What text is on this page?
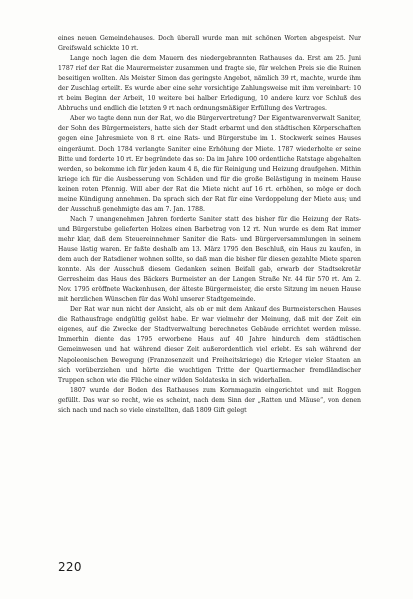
eines neuen Gemeindehauses. Doch überall wurde man mit schönen Worten abgespeist. Nur Greifswald schickte 10 rt.

Lange noch lagen die dem Mauern des niedergebrannten Rathauses da. Erst am 25. Juni 1787 rief der Rat die Maurermeister zusammen und fragte sie, für welchen Preis sie die Ruinen beseitigen wollten. Als Meister Simon das geringste Angebot, nämlich 39 rt, machte, wurde ihm der Zuschlag erteilt. Es wurde aber eine sehr vorsichtige Zahlungsweise mit ihm vereinbart: 10 rt beim Beginn der Arbeit, 10 weitere bei halber Erledigung, 10 andere kurz vor Schluß des Abbruchs und endlich die letzten 9 rt nach ordnungsmäßiger Erfüllung des Vertrages.

Aber wo tagte denn nun der Rat, wo die Bürgervertretung? Der Eigentwarenverwalt Saniter, der Sohn des Bürgermeisters, hatte sich der Stadt erbarmt und den städtischen Körperschaften gegen eine Jahresmiete von 8 rt. eine Rats- und Bürgerstube im 1. Stockwerk seines Hauses eingeräumt. Doch 1784 verlangte Saniter eine Erhöhung der Miete. 1787 wiederholte er seine Bitte und forderte 10 rt. Er begründete das so: Da im Jahre 100 ordentliche Ratstage abgehalten werden, so bekomme ich für jeden kaum 4 ß, die für Reinigung und Heizung draufgehen. Mithin kriege ich für die Ausbesserung von Schäden und für die große Belästigung in meinem Hause keinen roten Pfennig. Will aber der Rat die Miete nicht auf 16 rt. erhöhen, so möge er doch meine Kündigung annehmen. Da sprach sich der Rat für eine Verdoppelung der Miete aus; und der Ausschuß genehmigte das am 7. Jan. 1788.

Nach 7 unangenehmen Jahren forderte Saniter statt des bisher für die Heizung der Rats- und Bürgerstube gelieferten Holzes einen Barbetrag von 12 rt. Nun wurde es dem Rat immer mehr klar, daß dem Steuereinnehmer Saniter die Rats- und Bürgerversammlungen in seinem Hause lästig waren. Er faßte deshalb am 13. März 1795 den Beschluß, ein Haus zu kaufen, in dem auch der Ratsdiener wohnen sollte, so daß man die bisher für diesen gezahlte Miete sparen konnte. Als der Ausschuß diesem Gedanken seinen Beifall gab, erwarb der Stadtsekretär Gerresheim das Haus des Bäckers Burmeister an der Langen Straße Nr. 44 für 570 rt. Am 2. Nov. 1795 eröffnete Wackenhusen, der älteste Bürgermeister, die erste Sitzung im neuen Hause mit herzlichen Wünschen für das Wohl unserer Stadtgemeinde.

Der Rat war nun nicht der Ansicht, als ob er mit dem Ankauf des Burmeisterschen Hauses die Rathausfrage endgültig gelöst habe. Er war vielmehr der Meinung, daß mit der Zeit ein eigenes, auf die Zwecke der Stadtverwaltung berechnetes Gebäude errichtet werden müsse. Immerhin diente das 1795 erworbene Haus auf 40 Jahre hindurch dem städtischen Gemeinwesen und hat während dieser Zeit außerordentlich viel erlebt. Es sah während der Napoleonischen Bewegung (Franzosenzeit und Freiheitskriege) die Krieger vieler Staaten an sich vorüberziehen und hörte die wuchtigen Tritte der Quartiermacher fremdländischer Truppen schon wie die Flüche einer wilden Soldateska in sich widerhallen.

1807 wurde der Boden des Rathauses zum Kornmagazin eingerichtet und mit Roggen gefüllt. Das war so recht, wie es scheint, nach dem Sinn der „Ratten und Mäuse“, von denen sich nach und nach so viele einstellten, daß 1809 Gift gelegt

220
